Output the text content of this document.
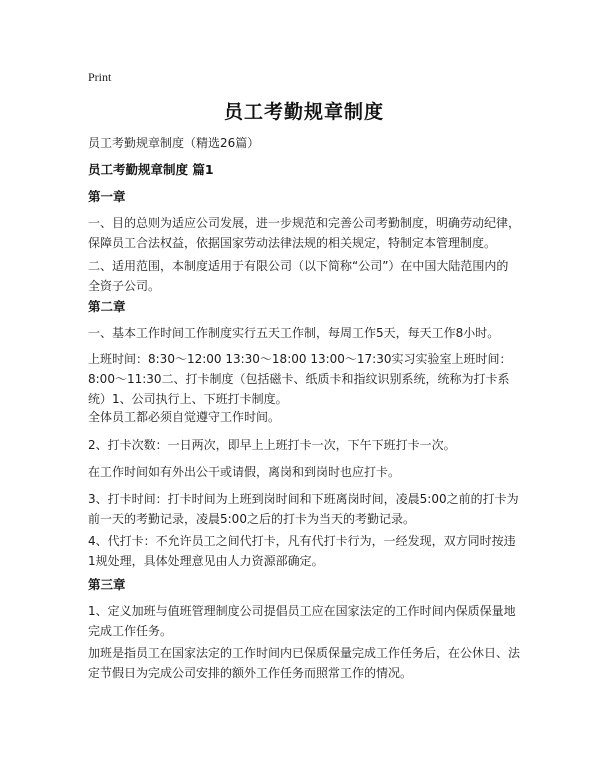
Print
员工考勤规章制度

员工考勤规章制度（精选26篇）

员工考勤规章制度 篇1

第一章

一、目的总则为适应公司发展，进一步规范和完善公司考勤制度，明确劳动纪律，保障员工合法权益，依据国家劳动法律法规的相关规定，特制定本管理制度。

二、适用范围，本制度适用于有限公司（以下简称“公司”）在中国大陆范围内的全资子公司。

第二章

一、基本工作时间工作制度实行五天工作制，每周工作5天，每天工作8小时。

上班时间：8:30～12:00 13:30～18:00 13:00～17:30实习实验室上班时间：8:00～11:30二、打卡制度（包括磁卡、纸质卡和指纹识别系统，统称为打卡系统）1、公司执行上、下班打卡制度。

全体员工都必须自觉遵守工作时间。

2、打卡次数：一日两次，即早上上班打卡一次，下午下班打卡一次。

在工作时间如有外出公干或请假，离岗和到岗时也应打卡。

3、打卡时间：打卡时间为上班到岗时间和下班离岗时间，凌晨5:00之前的打卡为前一天的考勤记录，凌晨5:00之后的打卡为当天的考勤记录。

4、代打卡：不允许员工之间代打卡，凡有代打卡行为，一经发现，双方同时按违1规处理，具体处理意见由人力资源部确定。

第三章

1、定义加班与值班管理制度公司提倡员工应在国家法定的工作时间内保质保量地完成工作任务。

加班是指员工在国家法定的工作时间内已保质保量完成工作任务后，在公休日、法定节假日为完成公司安排的额外工作任务而照常工作的情况。
